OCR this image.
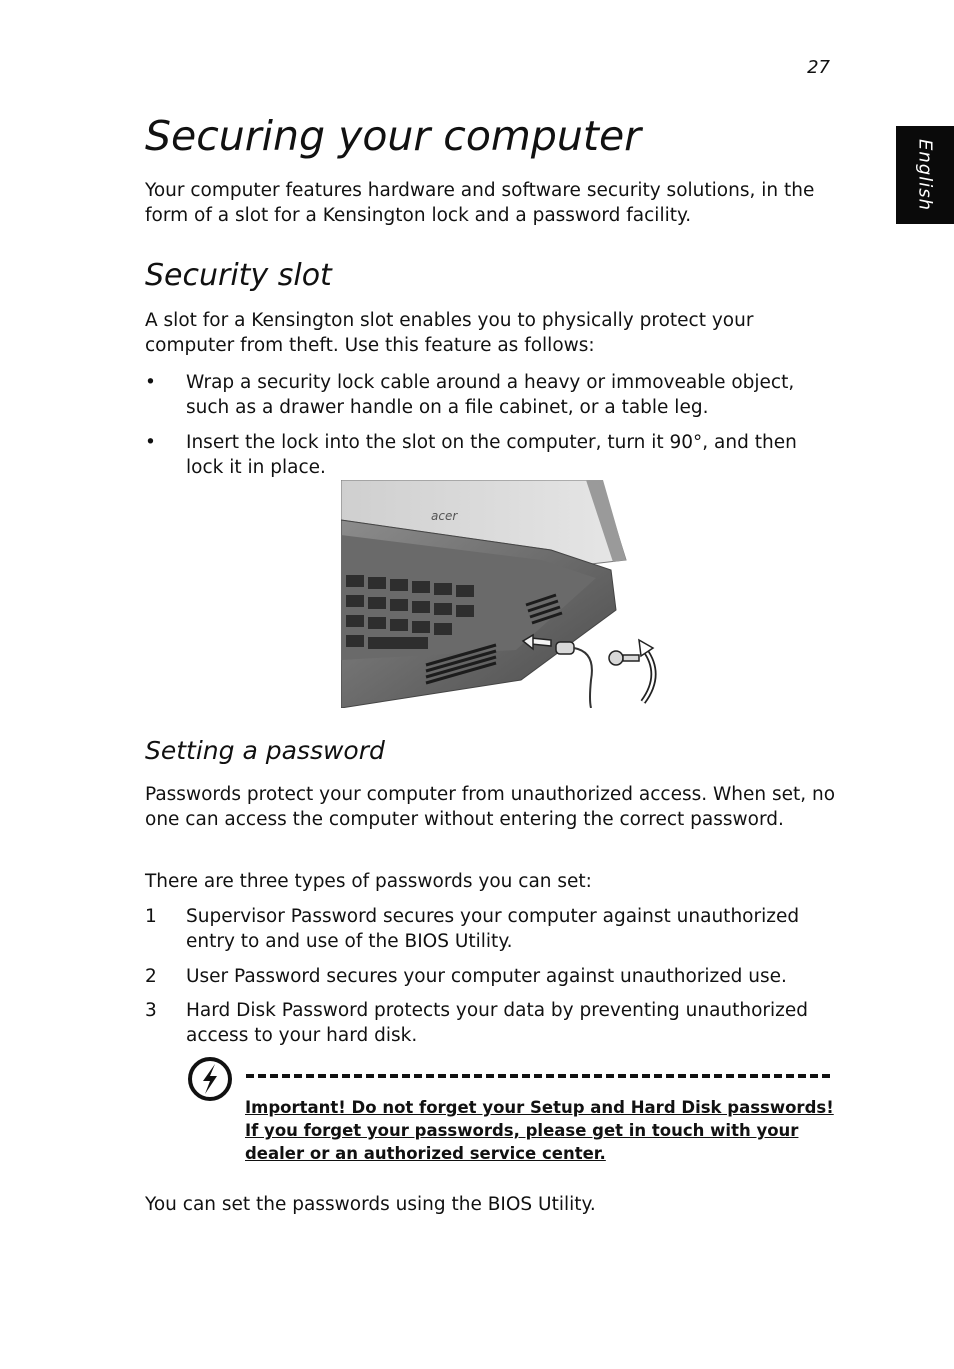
27
English
Securing your computer

Your computer features hardware and software security solutions, in the form of a slot for a Kensington lock and a password facility.

Security slot

A slot for a Kensington slot enables you to physically protect your computer from theft. Use this feature as follows:

• Wrap a security lock cable around a heavy or immoveable object, such as a drawer handle on a file cabinet, or a table leg.
• Insert the lock into the slot on the computer, turn it 90°, and then lock it in place.
acer
Setting a password

Passwords protect your computer from unauthorized access. When set, no one can access the computer without entering the correct password.

There are three types of passwords you can set:

1 Supervisor Password secures your computer against unauthorized entry to and use of the BIOS Utility.
2 User Password secures your computer against unauthorized use.
3 Hard Disk Password protects your data by preventing unauthorized access to your hard disk.
Important! Do not forget your Setup and Hard Disk passwords! If you forget your passwords, please get in touch with your dealer or an authorized service center.

You can set the passwords using the BIOS Utility.
